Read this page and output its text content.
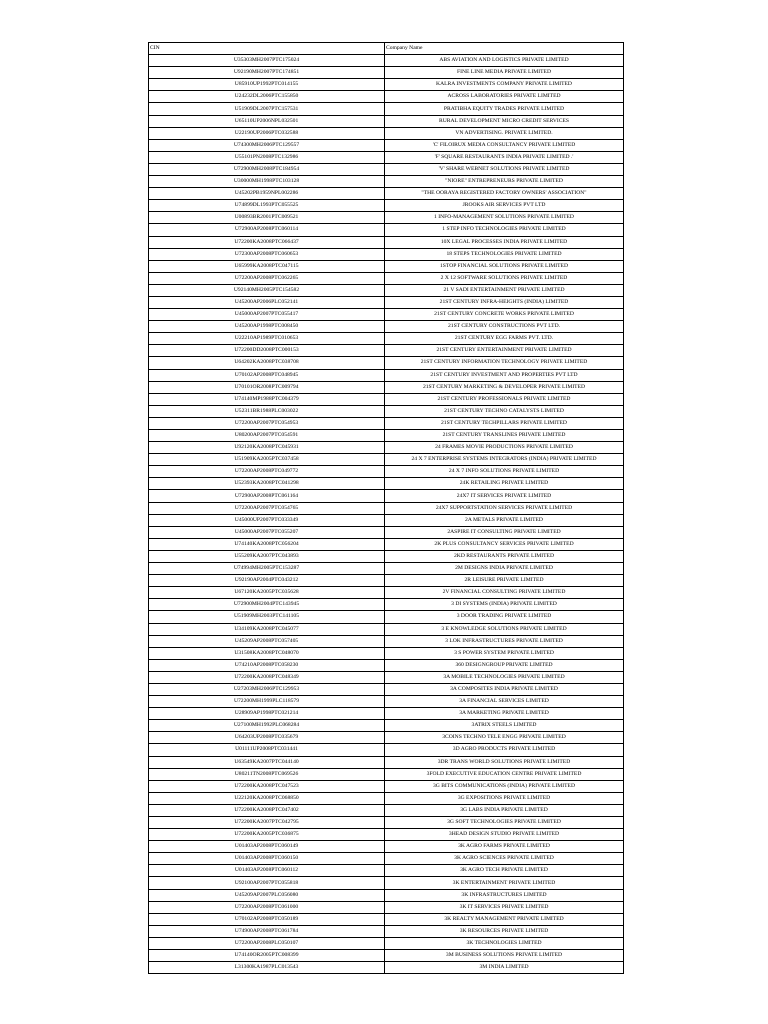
CIN	Company Name
U35303MH2007PTC175024	ABS AVIATION AND LOGISTICS PRIVATE LIMITED
U92190MH2007PTC174851	FINE LINE MEDIA PRIVATE LIMITED
U85910UP1992PTC014155	KALRA INVESTMENTS COMPANY PRIVATE LIMITED
U24232DL2006PTC155850	ACROSS LABORATORIES PRIVATE LIMITED
U51909DL2007PTC157531	PRATIBHA EQUITY TRADES PRIVATE LIMITED
U65110UP2006NPL032501	RURAL DEVELOPMENT MICRO CREDIT SERVICES
U22190UP2006PTC032588	VN ADVERTISING. PRIVATE LIMITED.
U74300MH2006PTC129557	'C' FILOIRUX MEDIA CONSULTANCY PRIVATE LIMITED
U55101PN2008PTC132986	'F' SQUARE RESTAURANTS INDIA PRIVATE LIMITED .'
U72900MH2008PTC184954	'V' SHARE WEBNET SOLUTIONS PRIVATE LIMITED
U30000MH1998PTC103128	"NIORE" ENTREPRENEURS PRIVATE LIMITED
U45202PB1959NPL002286	"THE OORAYA REGISTERED FACTORY OWNERS' ASSOCIATION"
U74899DL1993PTC055525	JROOKS AIR SERVICES PVT LTD
U00893BR2001PTC009521	1 INFO-MANAGEMENT SOLUTIONS PRIVATE LIMITED
U72900AP2008PTC060114	1 STEP INFO TECHNOLOGIES PRIVATE LIMITED
U72200KA2008PTC066437	10X LEGAL PROCESSES INDIA PRIVATE LIMITED
U72300AP2008PTC060653	18 STEPS TECHNOLOGIES PRIVATE LIMITED
U65999KA2008PTC047115	1STOP FINANCIAL SOLUTIONS PRIVATE LIMITED
U72200AP2008PTC062265	2 X 12 SOFTWARE SOLUTIONS PRIVATE LIMITED
U92140MH2005PTC154582	21 V SADI ENTERTAINMENT PRIVATE LIMITED
U45200AP2006PLC052141	21ST CENTURY INFRA-HEIGHTS (INDIA) LIMITED
U45000AP2007PTC055417	21ST CENTURY CONCRETE WORKS PRIVATE LIMITED
U45200AP1998PTC008450	21ST CENTURY CONSTRUCTIONS PVT LTD.
U22210AP1989PTC010653	21ST CENTURY EGG FARMS PVT. LTD.
U72200DD2008PTC000153	21ST CENTURY ENTERTAINMENT PRIVATE LIMITED
U64202KA2008PTC038708	21ST CENTURY INFORMATION TECHNOLOGY PRIVATE LIMITED
U70102AP2008PTC048945	21ST CENTURY INVESTMENT AND PROPERTIES PVT LTD
U70101OR2008PTC009794	21ST CENTURY MARKETING & DEVELOPER PRIVATE LIMITED
U74140MP1988PTC004379	21ST CENTURY PROFESSIONALS PRIVATE LIMITED
U52311BR1988PLC003022	21ST CENTURY TECHNO CATALYSTS LIMITED
U72200AP2007PTC054953	21ST CENTURY TECHPILLARS PRIVATE LIMITED
U80200AP2007PTC054591	21ST CENTURY TRANSLINES PRIVATE LIMITED
U92120KA2008PTC045931	24 FRAMES MOVIE PRODUCTIONS PRIVATE LIMITED
U51909KA2005PTC037458	24 X 7 ENTERPRISE SYSTEMS INTEGRATORS (INDIA) PRIVATE LIMITED
U72200AP2008PTC049772	24 X 7 INFO SOLUTIONS PRIVATE LIMITED
U52393KA2008PTC041298	24K RETAILING PRIVATE LIMITED
U72900AP2008PTC061164	24X7 IT SERVICES PRIVATE LIMITED
U72200AP2007PTC054765	24X7 SUPPORTSTATION SERVICES PRIVATE LIMITED
U45000UP2007PTC033349	2A METALS PRIVATE LIMITED
U45000AP2007PTC055207	2ASPIRE IT CONSULTING PRIVATE LIMITED
U74140KA2008PTC056204	2K PLUS CONSULTANCY SERVICES PRIVATE LIMITED
U55209KA2007PTC043893	2KD RESTAURANTS PRIVATE LIMITED
U74994MH2005PTC153287	2M DESIGNS INDIA PRIVATE LIMITED
U92190AP2004PTC043212	2R LEISURE PRIVATE LIMITED
U67120KA2005PTC035628	2V FINANCIAL CONSULTING PRIVATE LIMITED
U72900MH2004PTC143945	3 DI SYSTEMS (INDIA) PRIVATE LIMITED
U51909MH2003PTC141105	3 DOOR TRADING PRIVATE LIMITED
U34109KA2008PTC045077	3 E KNOWLEDGE SOLUTIONS PRIVATE LIMITED
U45209AP2008PTC057405	3 LOK INFRASTRUCTURES PRIVATE LIMITED
U31508KA2008PTC048070	3 S POWER SYSTEM PRIVATE LIMITED
U74210AP2008PTC058230	360 DESIGNGROUP PRIVATE LIMITED
U72200KA2008PTC048349	3A MOBILE TECHNOLOGIES PRIVATE LIMITED
U27203MH2006PTC129953	3A COMPOSITES INDIA PRIVATE LIMITED
U72200MH1999PLC118579	3A FINANCIAL SERVICES LIMITED
U28909AP1998PTC021214	3A MARKETING PRIVATE LIMITED
U27100MH1992PLC068284	3ATRIX STEELS LIMITED
U64203UP2008PTC035679	3COINS TECHNO TELE ENGG PRIVATE LIMITED
U01111UP2008PTC031441	3D AGRO PRODUCTS PRIVATE LIMITED
U63549KA2007PTC044140	3DR TRANS WORLD SOLUTIONS PRIVATE LIMITED
U80211TN2008PTC069526	3FOLD EXECUTIVE EDUCATION CENTRE PRIVATE LIMITED
U72200KA2008PTC047523	3G BITS COMMUNICATIONS (INDIA) PRIVATE LIMITED
U22120KA2008PTC068850	3G EXPOSITIONS PRIVATE LIMITED
U72200KA2008PTC047402	3G LABS INDIA PRIVATE LIMITED
U72200KA2007PTC042795	3G SOFT TECHNOLOGIES PRIVATE LIMITED
U72200KA2005PTC036875	3HEAD DESIGN STUDIO PRIVATE LIMITED
U01403AP2008PTC060149	3K AGRO FARMS PRIVATE LIMITED
U01403AP2008PTC060150	3K AGRO SCIENCES PRIVATE LIMITED
U01403AP2008PTC060112	3K AGRO TECH PRIVATE LIMITED
U92100AP2007PTC055818	3K ENTERTAINMENT PRIVATE LIMITED
U45209AP2007PLC056080	3K INFRASTRUCTURES LIMITED
U72200AP2008PTC061000	3K IT SERVICES PRIVATE LIMITED
U70102AP2008PTC050189	3K REALTY MANAGEMENT PRIVATE LIMITED
U74900AP2008PTC061784	3K RESOURCES PRIVATE LIMITED
U72200AP2008PLC050107	3K TECHNOLOGIES LIMITED
U74140OR2005PTC008399	3M BUSINESS SOLUTIONS PRIVATE LIMITED
L31300KA1987PLC013543	3M INDIA LIMITED
